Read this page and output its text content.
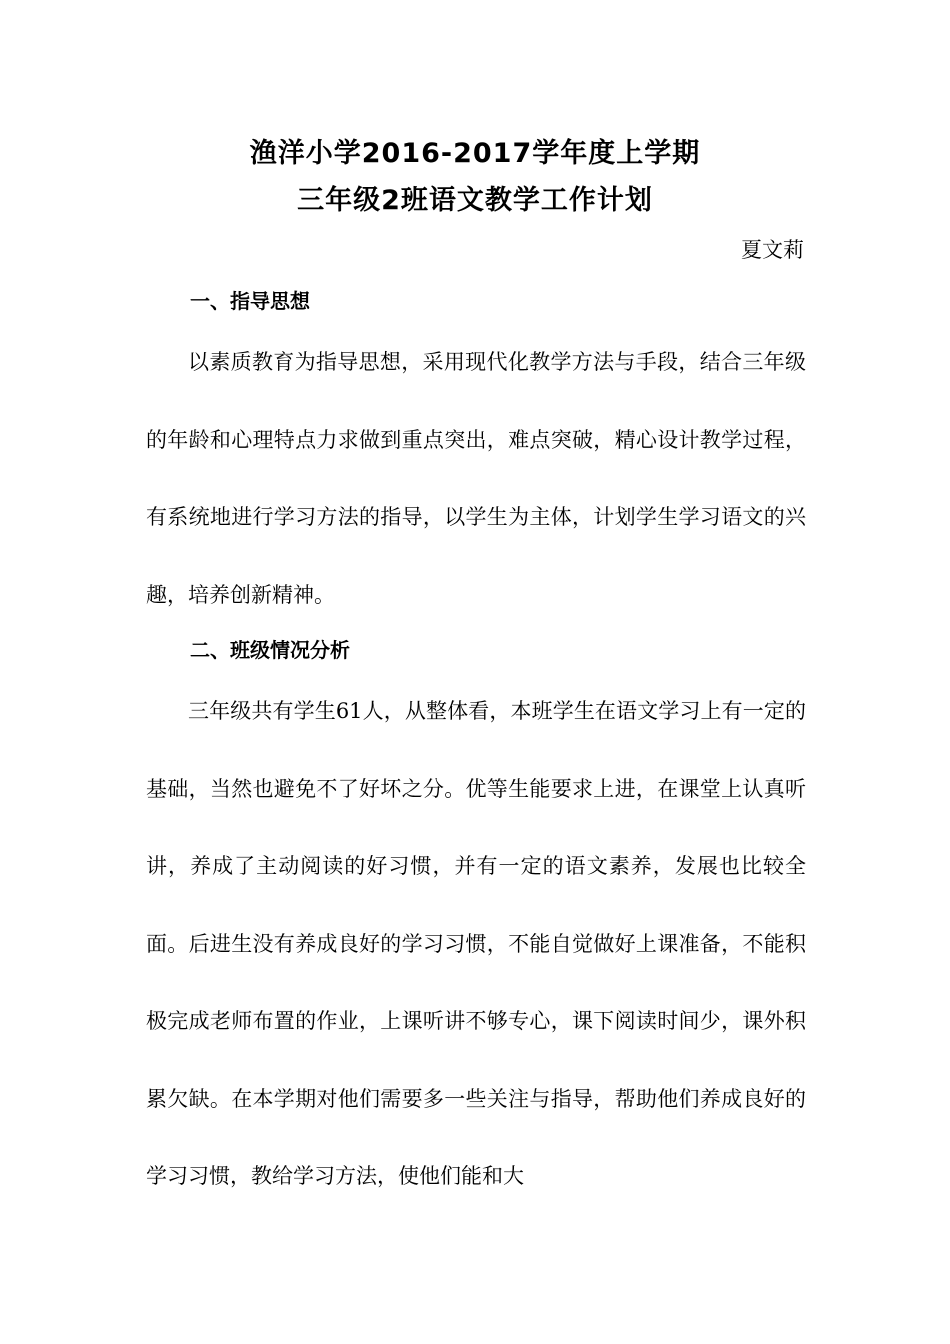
渔洋小学2016-2017学年度上学期
三年级2班语文教学工作计划
夏文莉
一、指导思想

以素质教育为指导思想，采用现代化教学方法与手段，结合三年级的年龄和心理特点力求做到重点突出，难点突破，精心设计教学过程，有系统地进行学习方法的指导，以学生为主体，计划学生学习语文的兴趣，培养创新精神。

二、班级情况分析

三年级共有学生61人，从整体看，本班学生在语文学习上有一定的基础，当然也避免不了好坏之分。优等生能要求上进，在课堂上认真听讲，养成了主动阅读的好习惯，并有一定的语文素养，发展也比较全面。后进生没有养成良好的学习习惯，不能自觉做好上课准备，不能积极完成老师布置的作业，上课听讲不够专心，课下阅读时间少，课外积累欠缺。在本学期对他们需要多一些关注与指导，帮助他们养成良好的学习习惯，教给学习方法，使他们能和大
